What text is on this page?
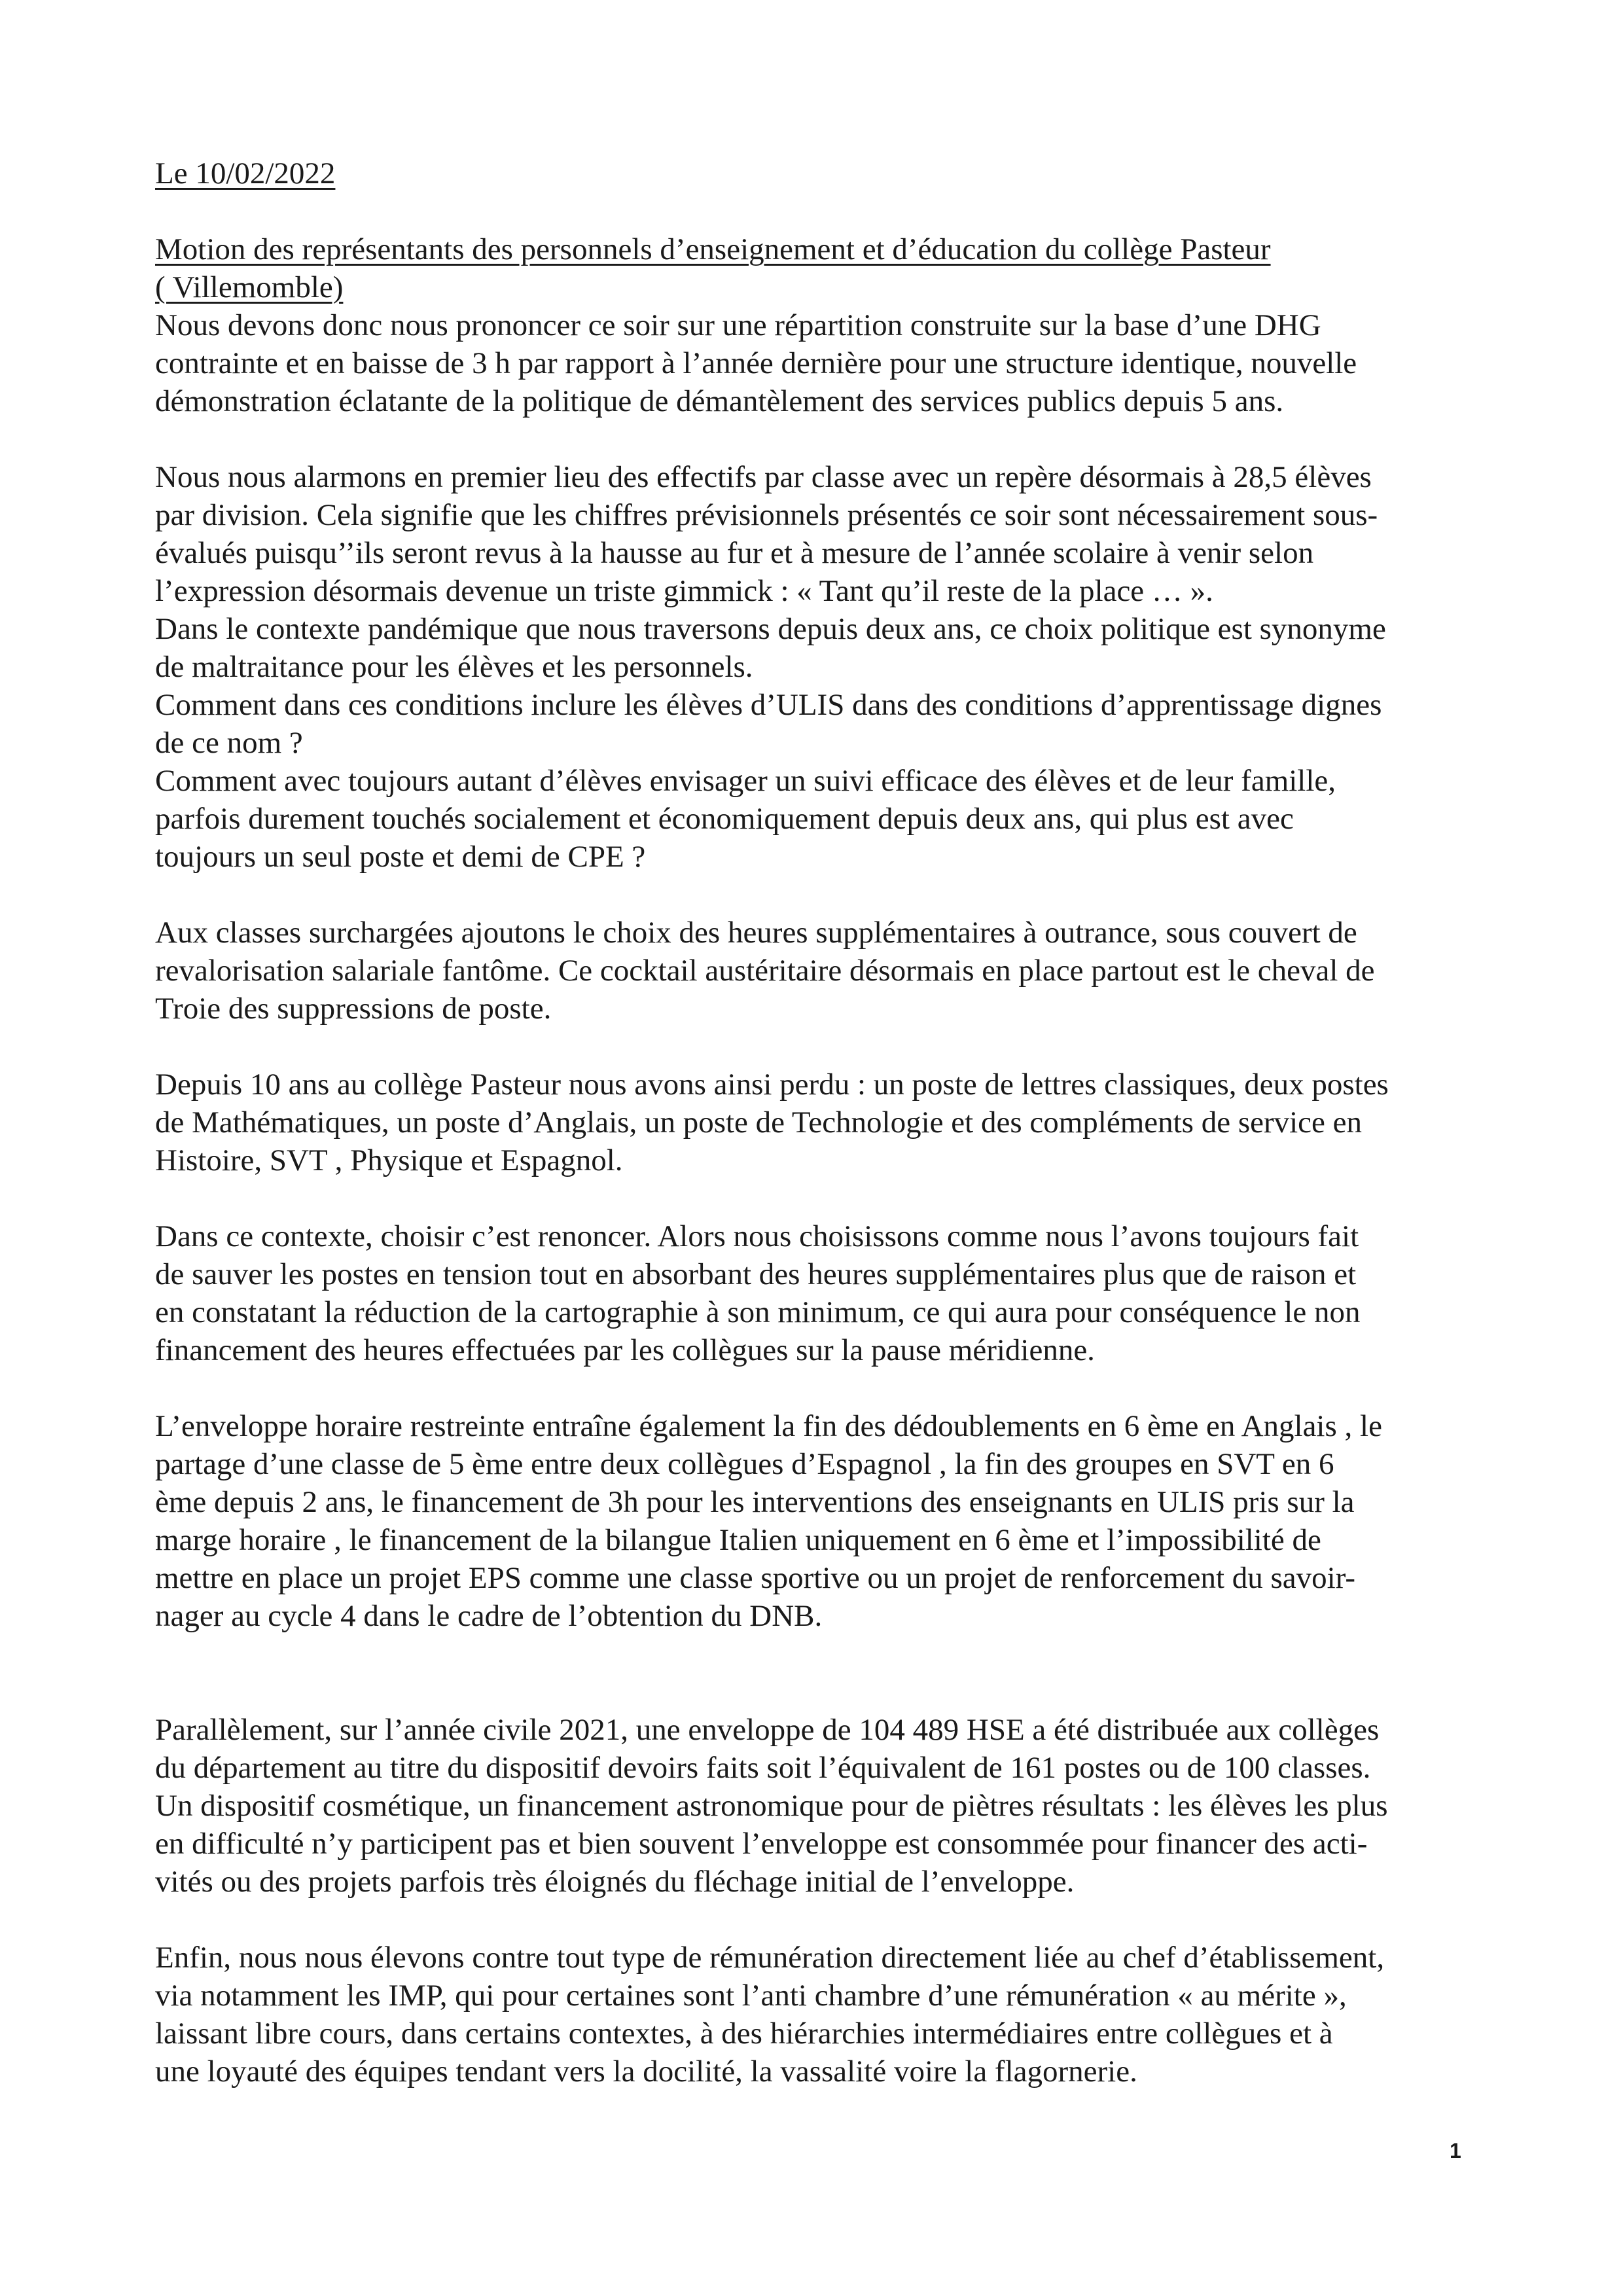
Le 10/02/2022

Motion des représentants des personnels d’enseignement et d’éducation du collège Pasteur

( Villemomble)

Nous devons donc nous prononcer ce soir sur une répartition construite sur la base d’une DHG

contrainte et en baisse de 3 h par rapport à l’année dernière pour une structure identique, nouvelle

démonstration éclatante de la politique de démantèlement des services publics depuis 5 ans.

Nous nous alarmons en premier lieu des effectifs par classe avec un repère désormais à 28,5 élèves

par division. Cela signifie que les chiffres prévisionnels présentés ce soir sont nécessairement sous-

évalués puisqu’’ils seront revus à la hausse au fur et à mesure de l’année scolaire à venir selon

l’expression désormais devenue un triste gimmick : « Tant qu’il reste de la place … ».

Dans le contexte pandémique que nous traversons depuis deux ans, ce choix politique est synonyme

de maltraitance pour les élèves et les personnels.

Comment dans ces conditions inclure les élèves d’ULIS dans des conditions d’apprentissage dignes

de ce nom ?

Comment avec toujours autant d’élèves envisager un suivi efficace des élèves et de leur famille,

parfois durement touchés socialement et économiquement depuis deux ans, qui plus est avec

toujours un seul poste et demi de CPE ?

Aux classes surchargées ajoutons le choix des heures supplémentaires à outrance, sous couvert de

revalorisation salariale fantôme. Ce cocktail austéritaire désormais en place partout est le cheval de

Troie des suppressions de poste.

Depuis 10 ans au collège Pasteur nous avons ainsi perdu : un poste de lettres classiques, deux postes

de Mathématiques, un poste d’Anglais, un poste de Technologie et des compléments de service en

Histoire, SVT , Physique et Espagnol.

Dans ce contexte, choisir c’est renoncer. Alors nous choisissons comme nous l’avons toujours fait

de sauver les postes en tension tout en absorbant des heures supplémentaires plus que de raison et

en constatant la réduction de la cartographie à son minimum, ce qui aura pour conséquence le non

financement des heures effectuées par les collègues sur la pause méridienne.

L’enveloppe horaire restreinte entraîne également la fin des dédoublements en 6 ème en Anglais , le

partage d’une classe de 5 ème entre deux collègues d’Espagnol , la fin des groupes en SVT en 6

ème depuis 2 ans, le financement de 3h pour les interventions des enseignants en ULIS pris sur la

marge horaire , le financement de la bilangue Italien uniquement en 6 ème et l’impossibilité de

mettre en place un projet EPS comme une classe sportive ou un projet de renforcement du savoir-

nager au cycle 4 dans le cadre de l’obtention du DNB.

Parallèlement, sur l’année civile 2021, une enveloppe de 104 489 HSE a été distribuée aux collèges

du département au titre du dispositif devoirs faits soit l’équivalent de 161 postes ou de 100 classes.

Un dispositif cosmétique, un financement astronomique pour de piètres résultats : les élèves les plus

en difficulté n’y participent pas et bien souvent l’enveloppe est consommée pour financer des acti-

vités ou des projets parfois très éloignés du fléchage initial de l’enveloppe.

Enfin, nous nous élevons contre tout type de rémunération directement liée au chef d’établissement,

via notamment les IMP, qui pour certaines sont l’anti chambre d’une rémunération « au mérite »,

laissant libre cours, dans certains contextes, à des hiérarchies intermédiaires entre collègues et à

une loyauté des équipes tendant vers la docilité, la vassalité voire la flagornerie.

1
